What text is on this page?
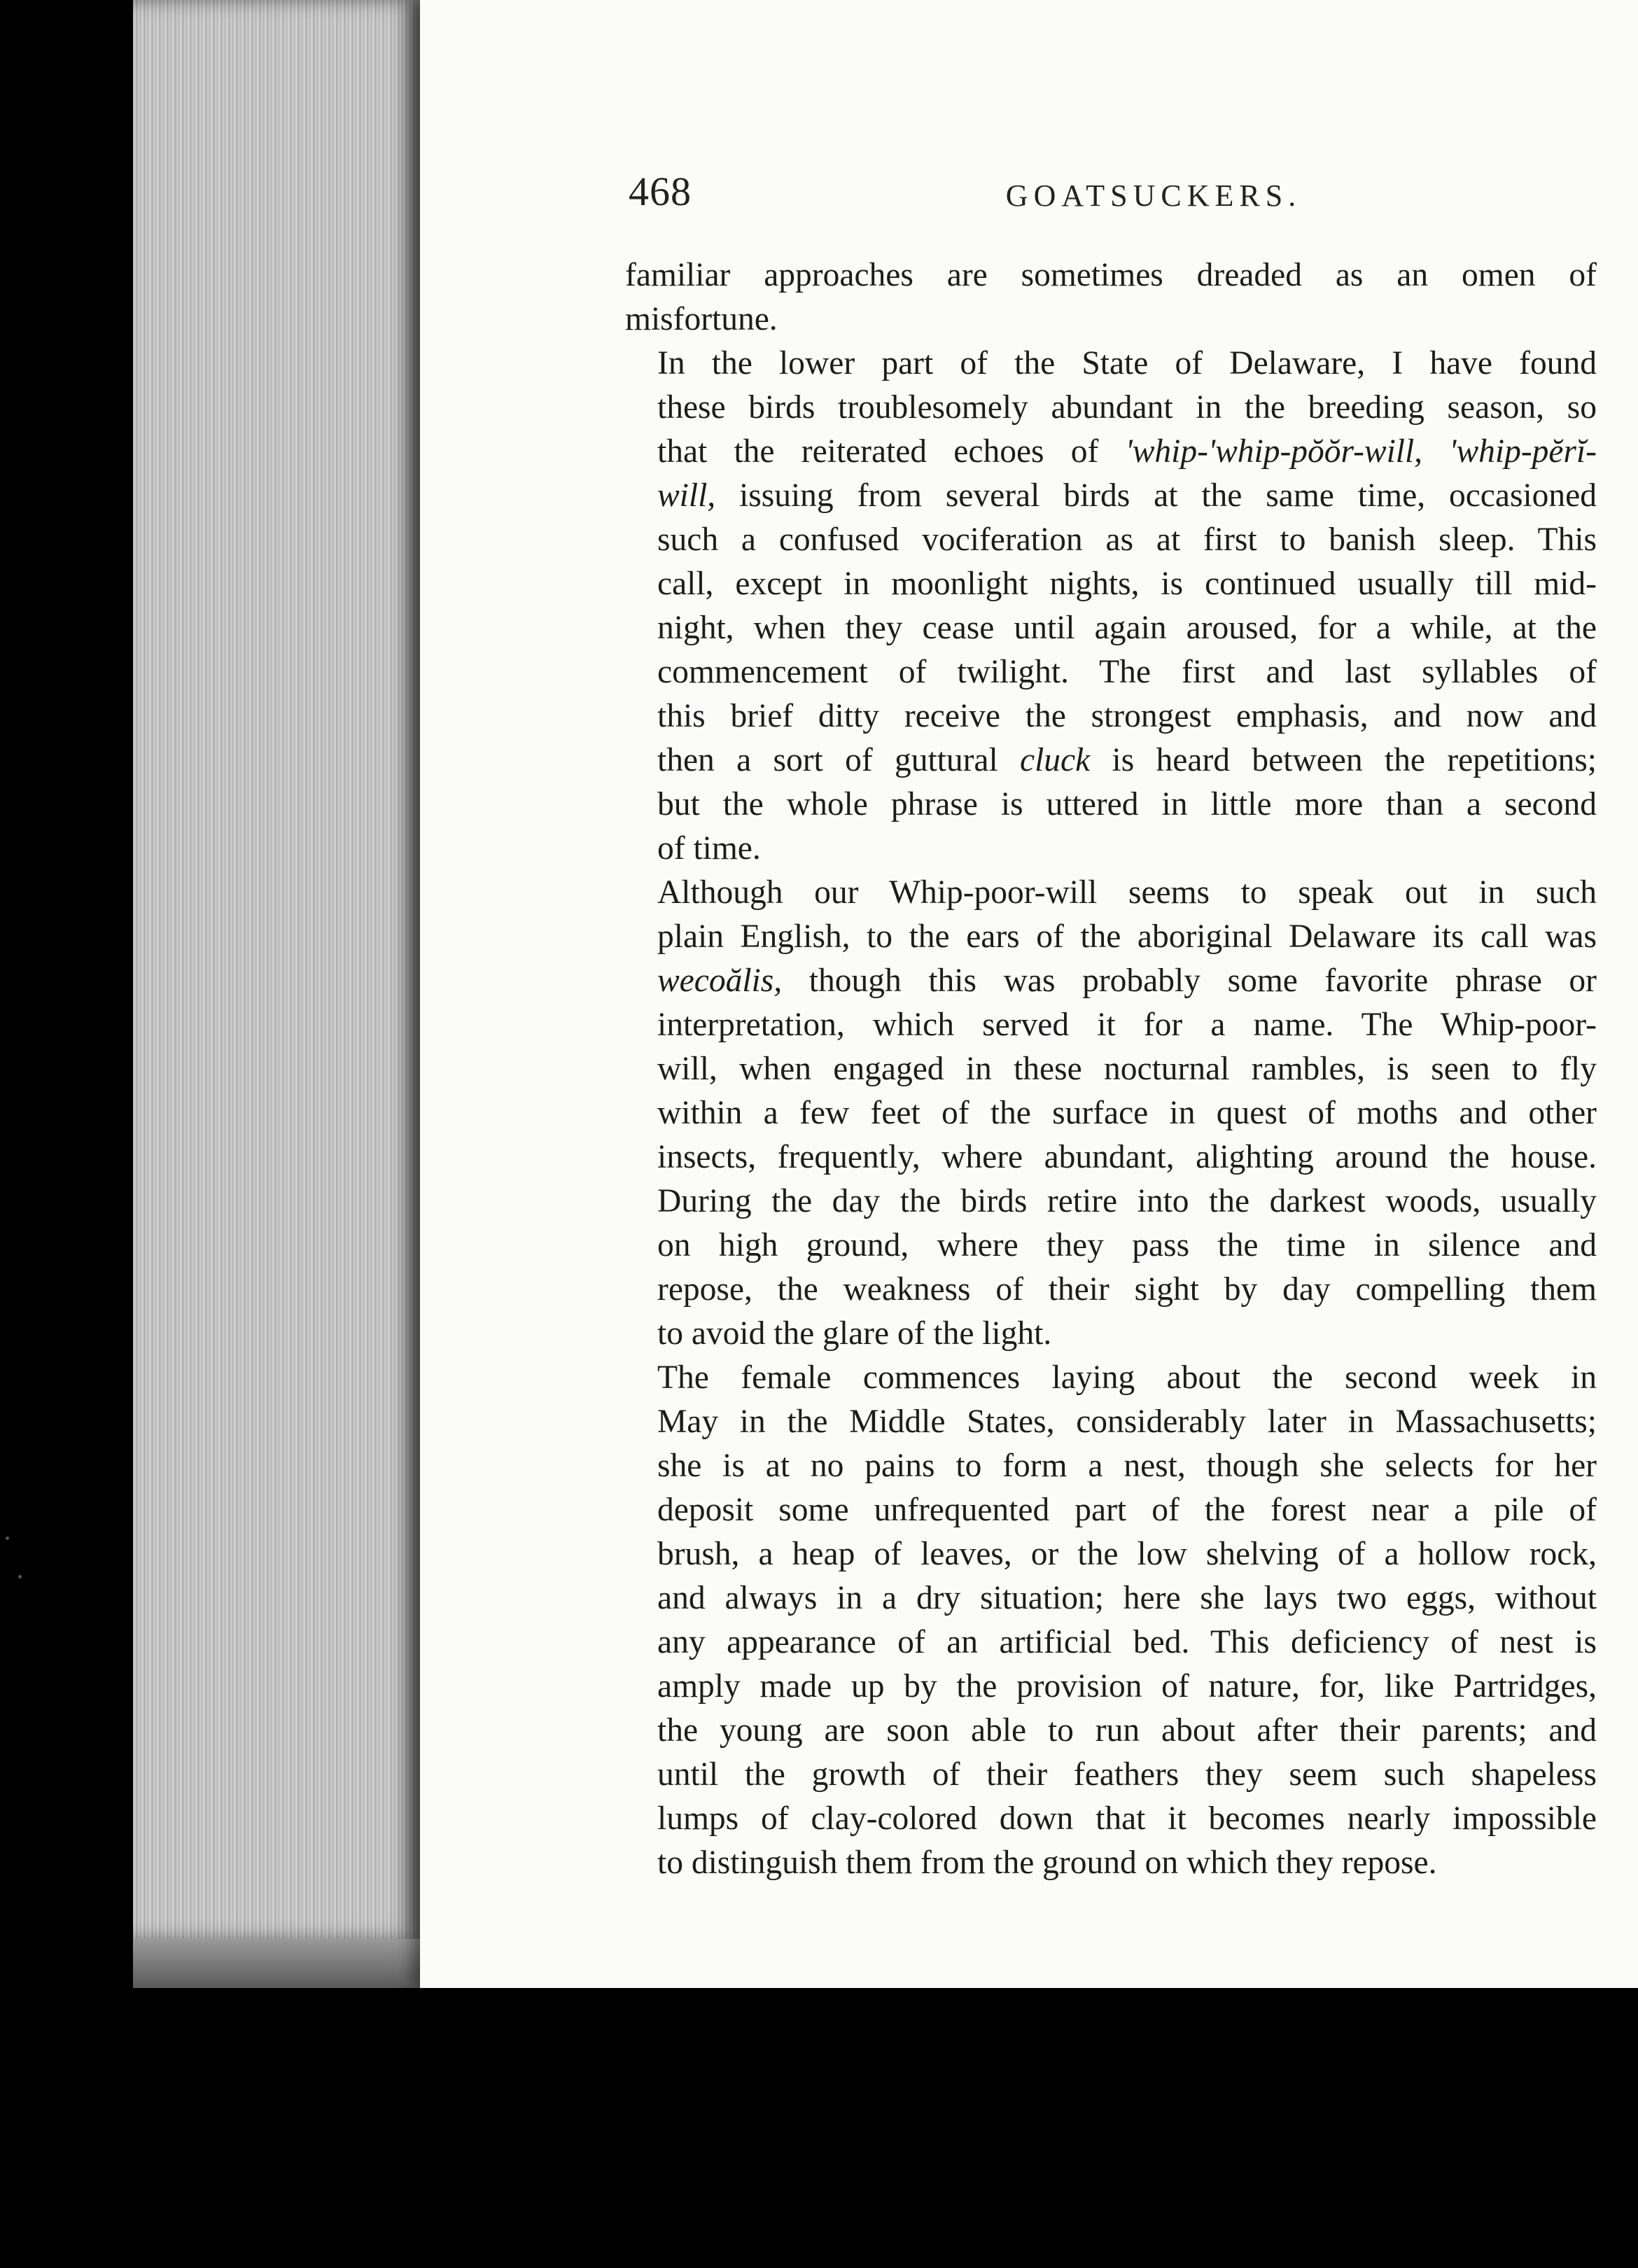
468	GOATSUCKERS.

familiar approaches are sometimes dreaded as an omen of
misfortune.

In the lower part of the State of Delaware, I have found
these birds troublesomely abundant in the breeding season, so
that the reiterated echoes of 'whip-'whip-pŏŏr-will, 'whip-pĕrĭ-
will, issuing from several birds at the same time, occasioned
such a confused vociferation as at first to banish sleep. This
call, except in moonlight nights, is continued usually till mid-
night, when they cease until again aroused, for a while, at the
commencement of twilight. The first and last syllables of
this brief ditty receive the strongest emphasis, and now and
then a sort of guttural cluck is heard between the repetitions;
but the whole phrase is uttered in little more than a second
of time.

Although our Whip-poor-will seems to speak out in such
plain English, to the ears of the aboriginal Delaware its call was
wecoălis, though this was probably some favorite phrase or
interpretation, which served it for a name. The Whip-poor-
will, when engaged in these nocturnal rambles, is seen to fly
within a few feet of the surface in quest of moths and other
insects, frequently, where abundant, alighting around the house.
During the day the birds retire into the darkest woods, usually
on high ground, where they pass the time in silence and
repose, the weakness of their sight by day compelling them
to avoid the glare of the light.

The female commences laying about the second week in
May in the Middle States, considerably later in Massachusetts;
she is at no pains to form a nest, though she selects for her
deposit some unfrequented part of the forest near a pile of
brush, a heap of leaves, or the low shelving of a hollow rock,
and always in a dry situation; here she lays two eggs, without
any appearance of an artificial bed. This deficiency of nest is
amply made up by the provision of nature, for, like Partridges,
the young are soon able to run about after their parents; and
until the growth of their feathers they seem such shapeless
lumps of clay-colored down that it becomes nearly impossible
to distinguish them from the ground on which they repose.
